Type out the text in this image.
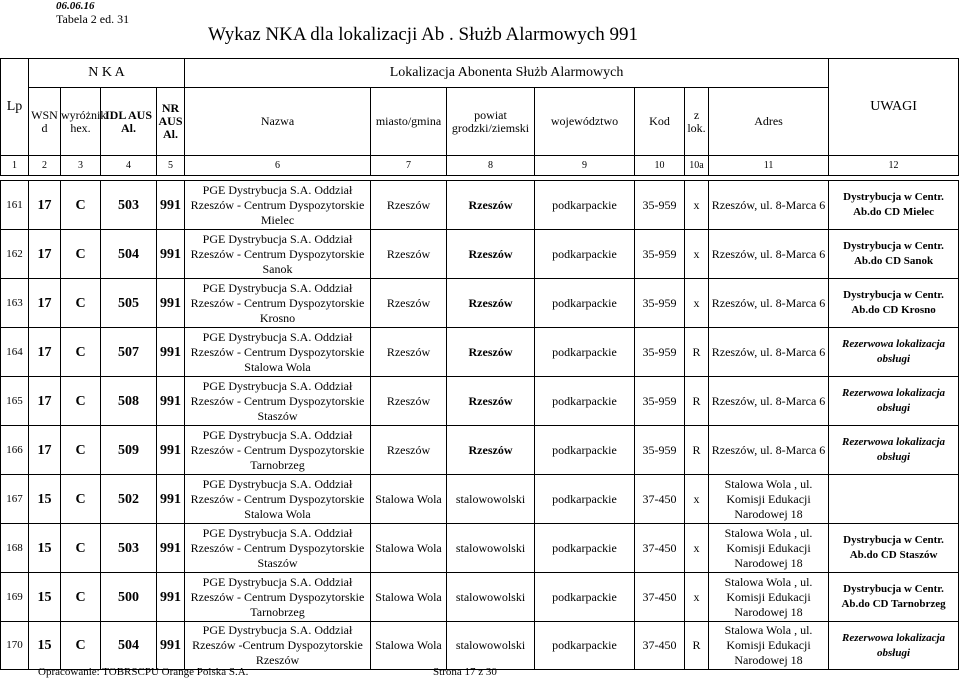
06.06.16
Tabela 2 ed. 31
Wykaz NKA dla lokalizacji Ab . Służb Alarmowych 991
Lp	N K A				Lokalizacja Abonenta Służb Alarmowych							UWAGI
	WSN d	wyróżnik hex.	IDL AUS Al.	NR AUS Al.	Nazwa	miasto/gmina	powiat grodzki/ziemski	województwo	Kod	z lok.	Adres	
1	2	3	4	5	6	7	8	9	10	10a	11	12

161	17	C	503	991	PGE Dystrybucja S.A. Oddział Rzeszów - Centrum Dyspozytorskie Mielec	Rzeszów	Rzeszów	podkarpackie	35-959	x	Rzeszów, ul. 8-Marca 6	Dystrybucja w Centr. Ab.do CD Mielec
162	17	C	504	991	PGE Dystrybucja S.A. Oddział Rzeszów - Centrum Dyspozytorskie Sanok	Rzeszów	Rzeszów	podkarpackie	35-959	x	Rzeszów, ul. 8-Marca 6	Dystrybucja w Centr. Ab.do CD Sanok
163	17	C	505	991	PGE Dystrybucja S.A. Oddział Rzeszów - Centrum Dyspozytorskie Krosno	Rzeszów	Rzeszów	podkarpackie	35-959	x	Rzeszów, ul. 8-Marca 6	Dystrybucja w Centr. Ab.do CD Krosno
164	17	C	507	991	PGE Dystrybucja S.A. Oddział Rzeszów - Centrum Dyspozytorskie Stalowa Wola	Rzeszów	Rzeszów	podkarpackie	35-959	R	Rzeszów, ul. 8-Marca 6	Rezerwowa lokalizacja obsługi
165	17	C	508	991	PGE Dystrybucja S.A. Oddział Rzeszów - Centrum Dyspozytorskie Staszów	Rzeszów	Rzeszów	podkarpackie	35-959	R	Rzeszów, ul. 8-Marca 6	Rezerwowa lokalizacja obsługi
166	17	C	509	991	PGE Dystrybucja S.A. Oddział Rzeszów - Centrum Dyspozytorskie Tarnobrzeg	Rzeszów	Rzeszów	podkarpackie	35-959	R	Rzeszów, ul. 8-Marca 6	Rezerwowa lokalizacja obsługi
167	15	C	502	991	PGE Dystrybucja S.A. Oddział Rzeszów - Centrum Dyspozytorskie Stalowa Wola	Stalowa Wola	stalowowolski	podkarpackie	37-450	x	Stalowa Wola , ul. Komisji Edukacji Narodowej 18	
168	15	C	503	991	PGE Dystrybucja S.A. Oddział Rzeszów - Centrum Dyspozytorskie Staszów	Stalowa Wola	stalowowolski	podkarpackie	37-450	x	Stalowa Wola , ul. Komisji Edukacji Narodowej 18	Dystrybucja w Centr. Ab.do CD Staszów
169	15	C	500	991	PGE Dystrybucja S.A. Oddział Rzeszów - Centrum Dyspozytorskie Tarnobrzeg	Stalowa Wola	stalowowolski	podkarpackie	37-450	x	Stalowa Wola , ul. Komisji Edukacji Narodowej 18	Dystrybucja w Centr. Ab.do CD Tarnobrzeg
170	15	C	504	991	PGE Dystrybucja S.A. Oddział Rzeszów -Centrum Dyspozytorskie Rzeszów	Stalowa Wola	stalowowolski	podkarpackie	37-450	R	Stalowa Wola , ul. Komisji Edukacji Narodowej 18	Rezerwowa lokalizacja obsługi
Opracowanie: TOBRSCPU Orange Polska S.A.	Strona 17 z 30
